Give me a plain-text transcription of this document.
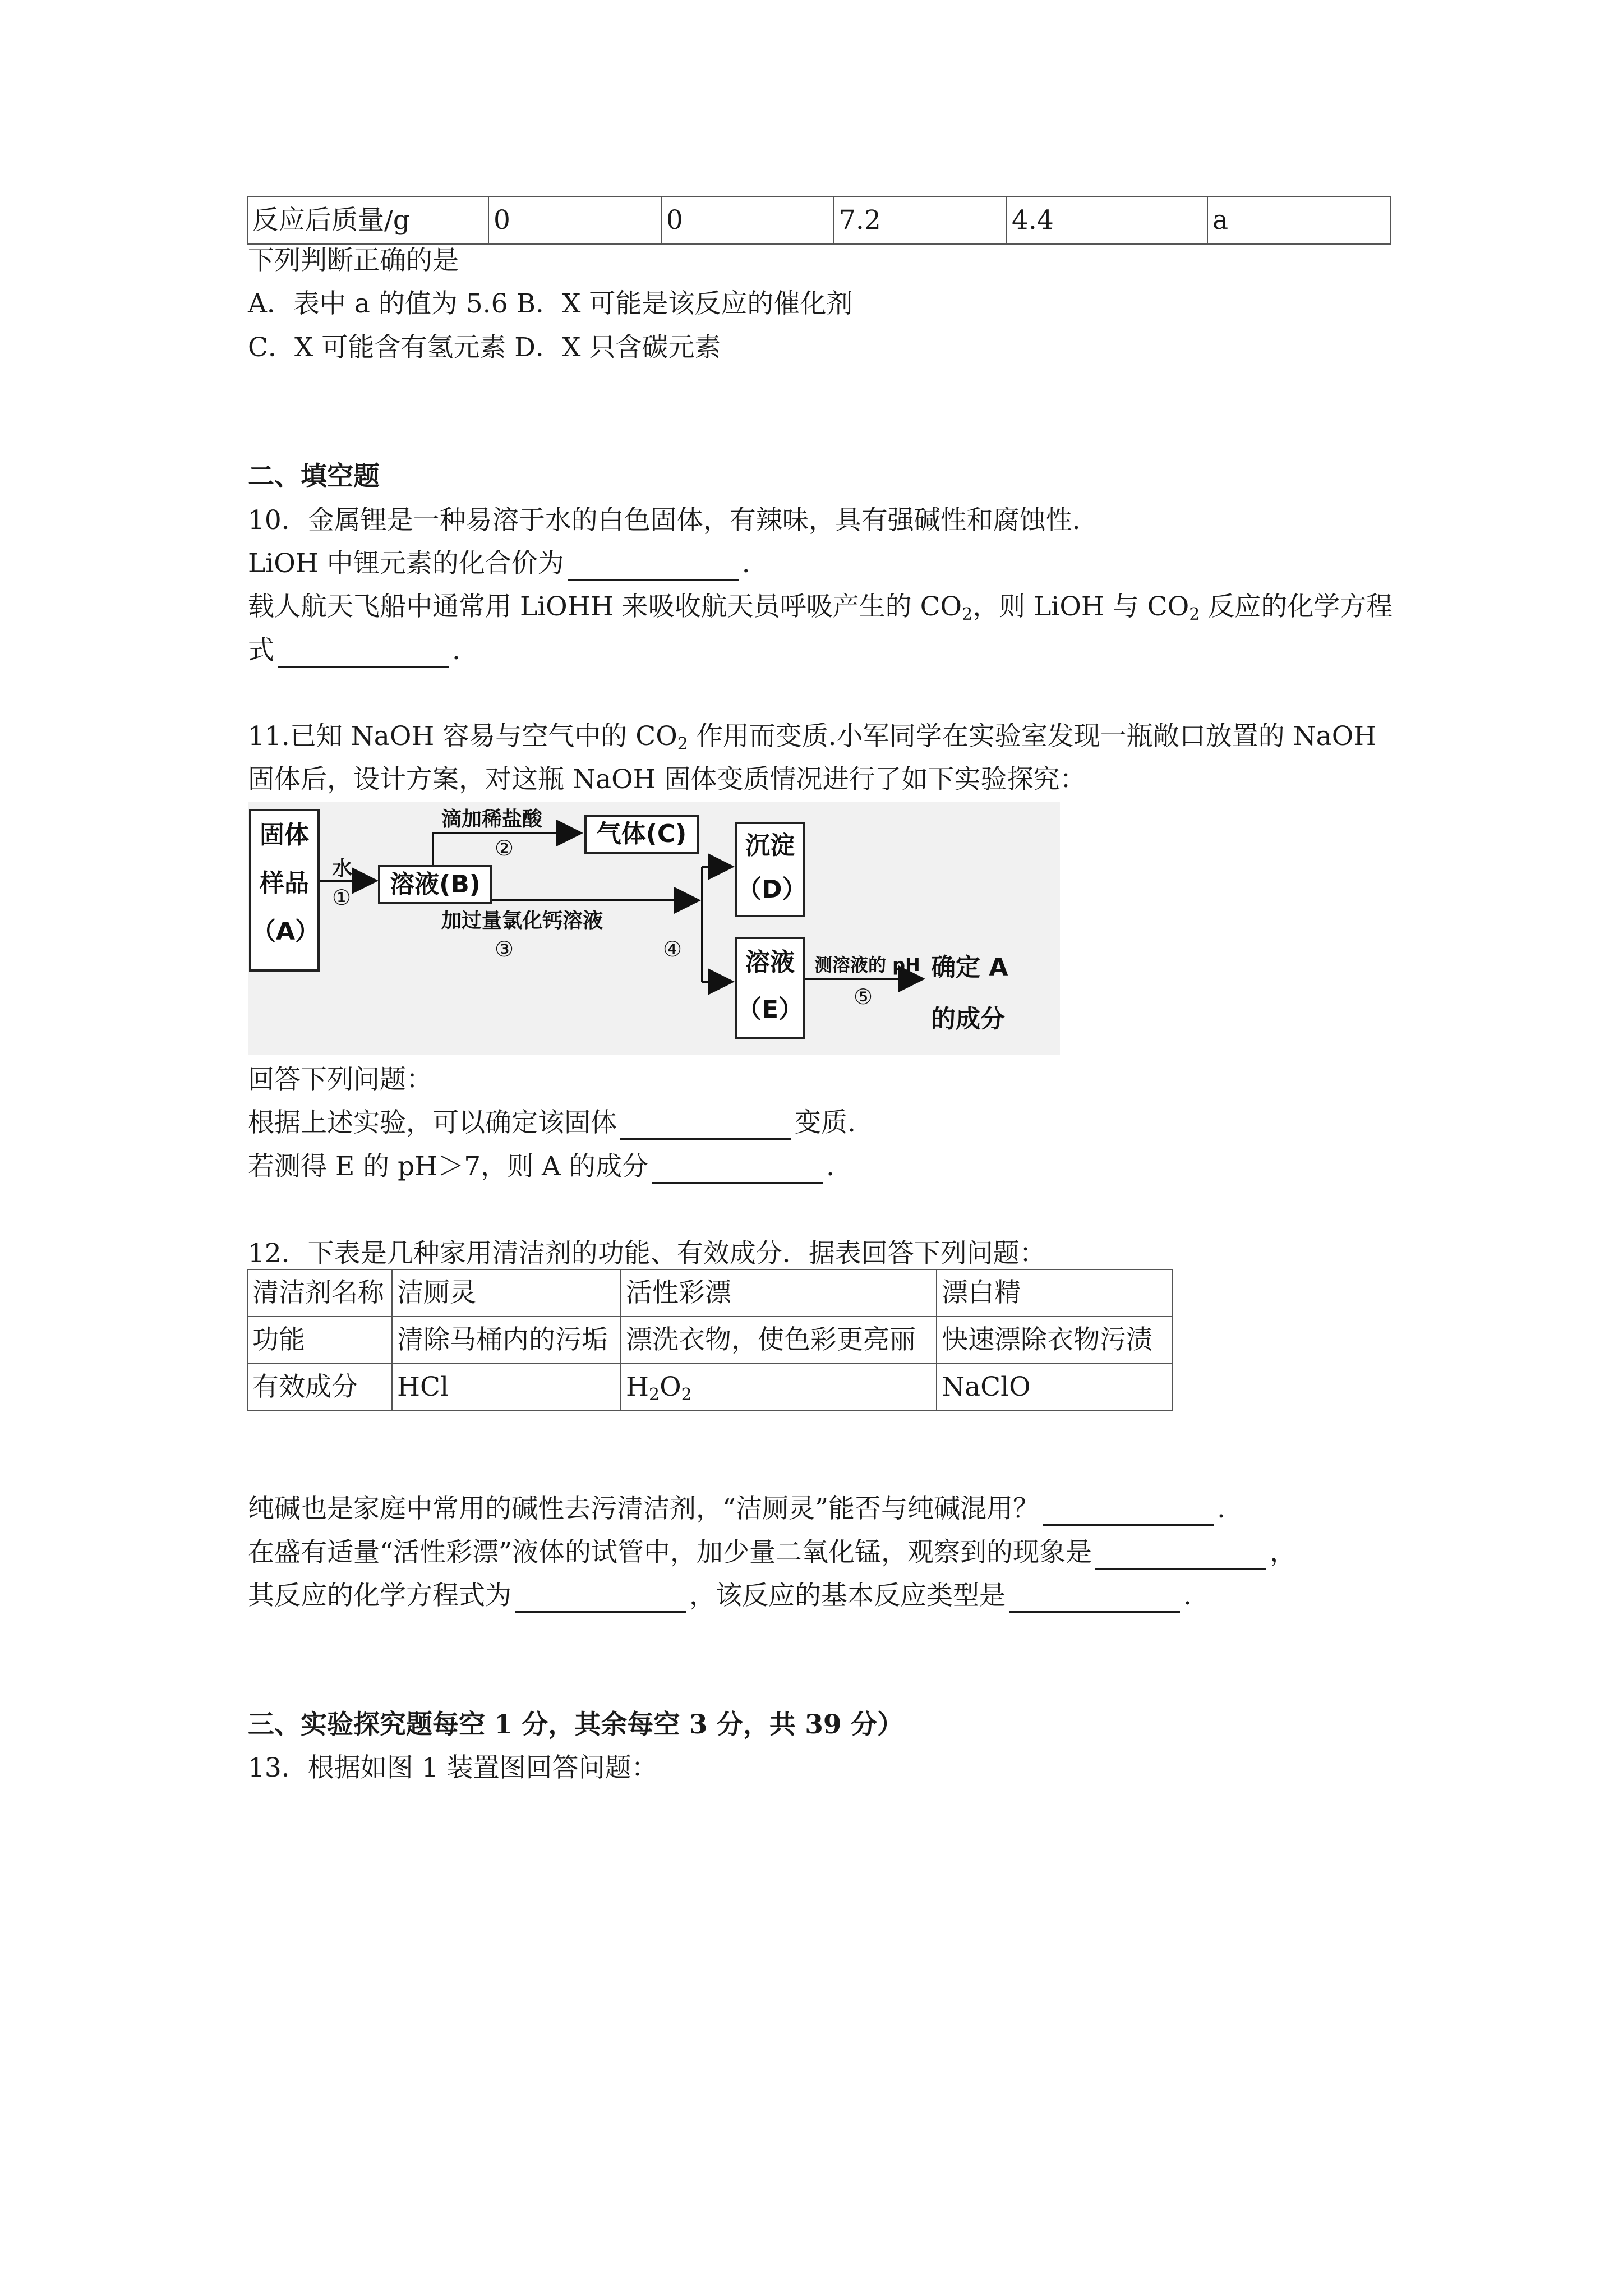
反应后质量/g	0	0	7.2	4.4	a
下列判断正确的是
A．表中 a 的值为 5.6 B．X 可能是该反应的催化剂
C．X 可能含有氢元素 D．X 只含碳元素
二、填空题
10．金属锂是一种易溶于水的白色固体，有辣味，具有强碱性和腐蚀性.
LiOH 中锂元素的化合价为	.
载人航天飞船中通常用 LiOHH 来吸收航天员呼吸产生的 $CO_2$，则 LiOH 与 $CO_2$ 反应的化学方程
式	.
11.已知 NaOH 容易与空气中的 $CO_2$ 作用而变质.小军同学在实验室发现一瓶敞口放置的 NaOH
固体后，设计方案，对这瓶 NaOH 固体变质情况进行了如下实验探究：
固体
样品
（A）
水
①	溶液(B)
滴加稀盐酸
②	气体(C)
加过量氯化钙溶液
③	④
沉淀
（D）
溶液
（E）
测溶液的 pH
⑤
确定 A
的成分
回答下列问题：
根据上述实验，可以确定该固体	变质.
若测得 E 的 pH＞7，则 A 的成分	.
12．下表是几种家用清洁剂的功能、有效成分．据表回答下列问题：
清洁剂名称	洁厕灵	活性彩漂	漂白精
功能	清除马桶内的污垢	漂洗衣物，使色彩更亮丽	快速漂除衣物污渍
有效成分	HCl	$H_2O_2$	NaClO
纯碱也是家庭中常用的碱性去污清洁剂，“洁厕灵”能否与纯碱混用？	.
在盛有适量“活性彩漂”液体的试管中，加少量二氧化锰，观察到的现象是	，
其反应的化学方程式为	，该反应的基本反应类型是	.
三、实验探究题每空 1 分，其余每空 3 分，共 39 分）
13．根据如图 1 装置图回答问题：
